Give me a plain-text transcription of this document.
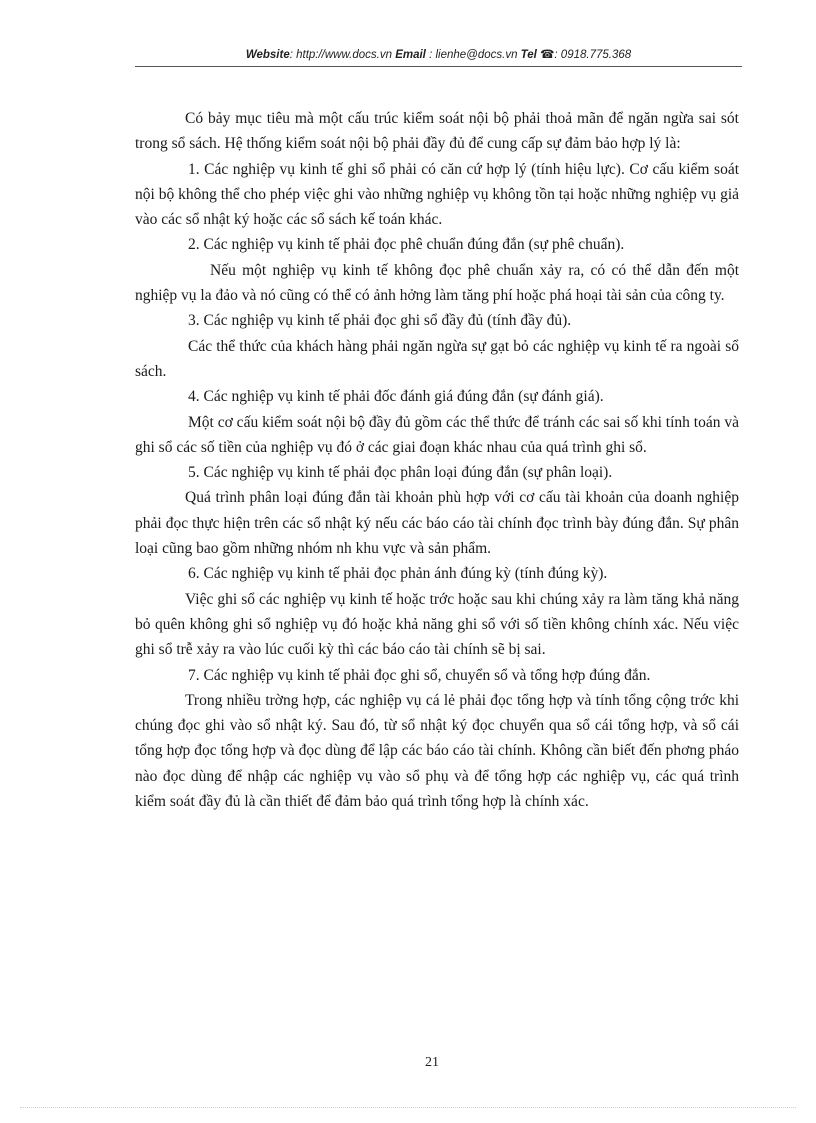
Website: http://www.docs.vn Email : lienhe@docs.vn Tel ☎: 0918.775.368

Có bảy mục tiêu mà một cấu trúc kiểm soát nội bộ phải thoả mãn để ngăn ngừa sai sót trong sổ sách. Hệ thống kiểm soát nội bộ phải đầy đủ để cung cấp sự đảm bảo hợp lý là:

1. Các nghiệp vụ kinh tế ghi sổ phải có căn cứ hợp lý (tính hiệu lực). Cơ cấu kiểm soát nội bộ không thể cho phép việc ghi vào những nghiệp vụ không tồn tại hoặc những nghiệp vụ giả vào các sổ nhật ký hoặc các sổ sách kế toán khác.

2. Các nghiệp vụ kinh tế phải đọc phê chuẩn đúng đắn (sự phê chuẩn).

Nếu một nghiệp vụ kinh tế không đọc phê chuẩn xảy ra, có có thể dẫn đến một nghiệp vụ la đảo và nó cũng có thể có ảnh hởng làm tăng phí hoặc phá hoại tài sản của công ty.

3. Các nghiệp vụ kinh tế phải đọc ghi sổ đầy đủ (tính đầy đủ).

Các thể thức của khách hàng phải ngăn ngừa sự gạt bỏ các nghiệp vụ kinh tế ra ngoài sổ sách.

4. Các nghiệp vụ kinh tế phải đốc đánh giá đúng đắn (sự đánh giá).

Một cơ cấu kiểm soát nội bộ đầy đủ gồm các thể thức để tránh các sai số khi tính toán và ghi sổ các số tiền của nghiệp vụ đó ở các giai đoạn khác nhau của quá trình ghi sổ.

5. Các nghiệp vụ kinh tế phải đọc phân loại đúng đắn (sự phân loại).

Quá trình phân loại đúng đắn tài khoản phù hợp với cơ cấu tài khoản của doanh nghiệp phải đọc thực hiện trên các sổ nhật ký nếu các báo cáo tài chính đọc trình bày đúng đắn. Sự phân loại cũng bao gồm những nhóm nh khu vực và sản phẩm.

6. Các nghiệp vụ kinh tế phải đọc phản ánh đúng kỳ (tính đúng kỳ).

Việc ghi sổ các nghiệp vụ kinh tế hoặc trớc hoặc sau khi chúng xảy ra làm tăng khả năng bỏ quên không ghi sổ nghiệp vụ đó hoặc khả năng ghi sổ với số tiền không chính xác. Nếu việc ghi sổ trễ xảy ra vào lúc cuối kỳ thì các báo cáo tài chính sẽ bị sai.

7. Các nghiệp vụ kinh tế phải đọc ghi sổ, chuyển sổ và tổng hợp đúng đắn.

Trong nhiều trờng hợp, các nghiệp vụ cá lẻ phải đọc tổng hợp và tính tổng cộng trớc khi chúng đọc ghi vào sổ nhật ký. Sau đó, từ sổ nhật ký đọc chuyển qua sổ cái tổng hợp, và sổ cái tổng hợp đọc tổng hợp và đọc dùng để lập các báo cáo tài chính. Không cần biết đến phơng pháo nào đọc dùng để nhập các nghiệp vụ vào sổ phụ và để tổng hợp các nghiệp vụ, các quá trình kiểm soát đầy đủ là cần thiết để đảm bảo quá trình tổng hợp là chính xác.

21
